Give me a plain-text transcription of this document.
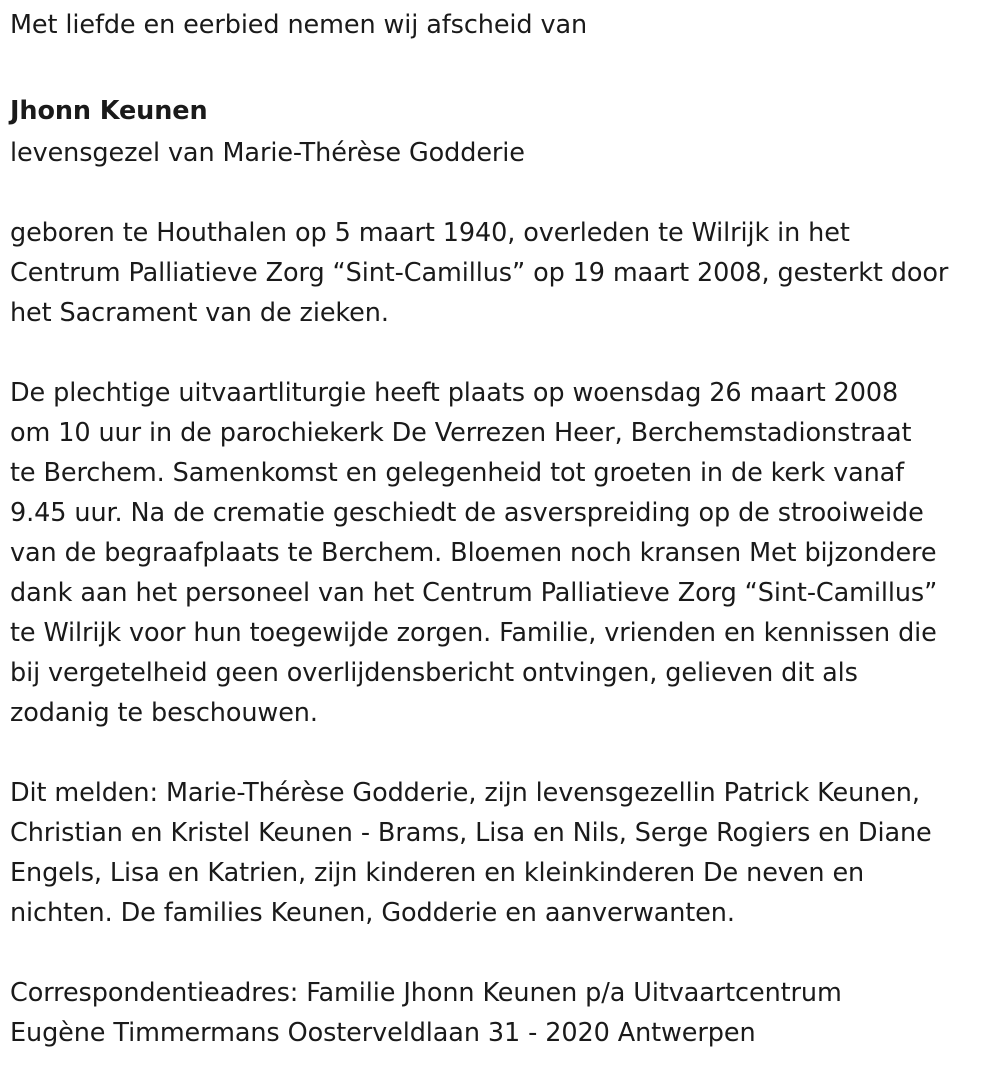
Met liefde en eerbied nemen wij afscheid van

Jhonn Keunen

levensgezel van Marie-Thérèse Godderie

geboren te Houthalen op 5 maart 1940, overleden te Wilrijk in het

Centrum Palliatieve Zorg “Sint-Camillus” op 19 maart 2008, gesterkt door

het Sacrament van de zieken.

De plechtige uitvaartliturgie heeft plaats op woensdag 26 maart 2008

om 10 uur in de parochiekerk De Verrezen Heer, Berchemstadionstraat

te Berchem. Samenkomst en gelegenheid tot groeten in de kerk vanaf

9.45 uur. Na de crematie geschiedt de asverspreiding op de strooiweide

van de begraafplaats te Berchem. Bloemen noch kransen Met bijzondere

dank aan het personeel van het Centrum Palliatieve Zorg “Sint-Camillus”

te Wilrijk voor hun toegewijde zorgen. Familie, vrienden en kennissen die

bij vergetelheid geen overlijdensbericht ontvingen, gelieven dit als

zodanig te beschouwen.

Dit melden: Marie-Thérèse Godderie, zijn levensgezellin Patrick Keunen,

Christian en Kristel Keunen - Brams, Lisa en Nils, Serge Rogiers en Diane

Engels, Lisa en Katrien, zijn kinderen en kleinkinderen De neven en

nichten. De families Keunen, Godderie en aanverwanten.

Correspondentieadres: Familie Jhonn Keunen p/a Uitvaartcentrum

Eugène Timmermans Oosterveldlaan 31 - 2020 Antwerpen
